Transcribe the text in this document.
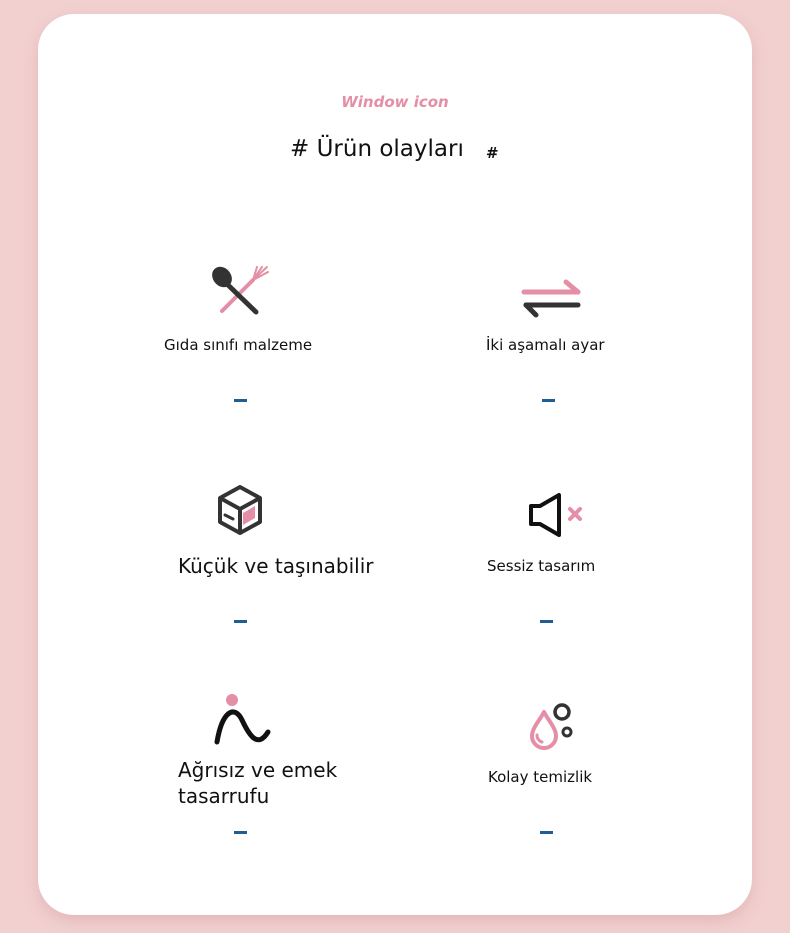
Window icon
# Ürün olayları #
Gıda sınıfı malzeme	İki aşamalı ayar
Küçük ve taşınabilir	Sessiz tasarım
Ağrısız ve emek
tasarrufu
Kolay temizlik
